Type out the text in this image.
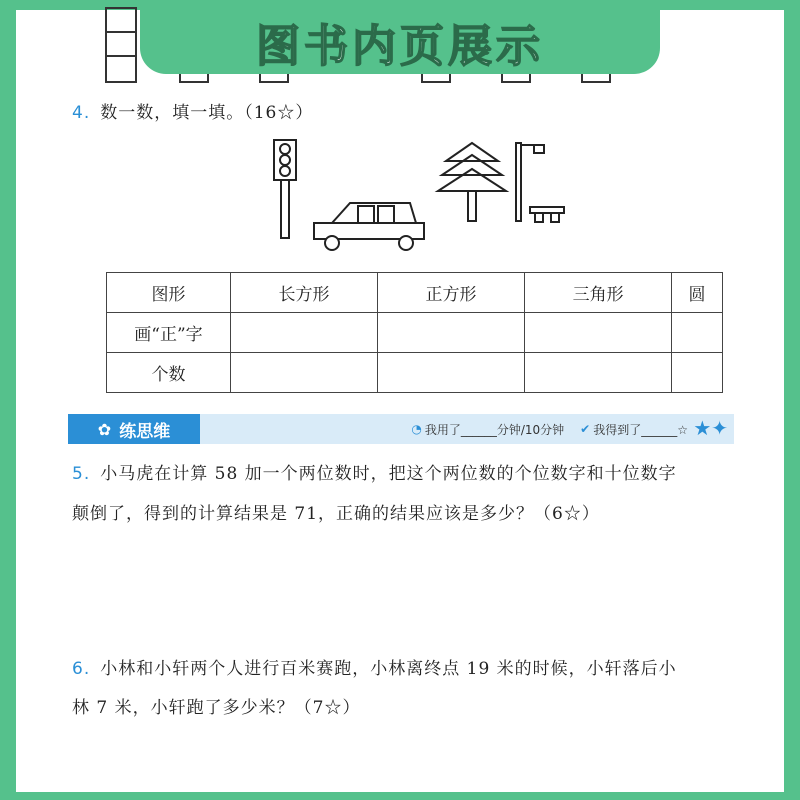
图书内页展示
4. 数一数，填一填。（16☆）
图形	长方形	正方形	三角形	圆
画“正”字				
个数				
✿ 练思维	◔ 我用了______分钟/10分钟 ✔ 我得到了______☆ ★✦
5. 小马虎在计算 58 加一个两位数时，把这个两位数的个位数字和十位数字
颠倒了，得到的计算结果是 71，正确的结果应该是多少？（6☆）
6. 小林和小轩两个人进行百米赛跑，小林离终点 19 米的时候，小轩落后小
林 7 米，小轩跑了多少米？（7☆）
